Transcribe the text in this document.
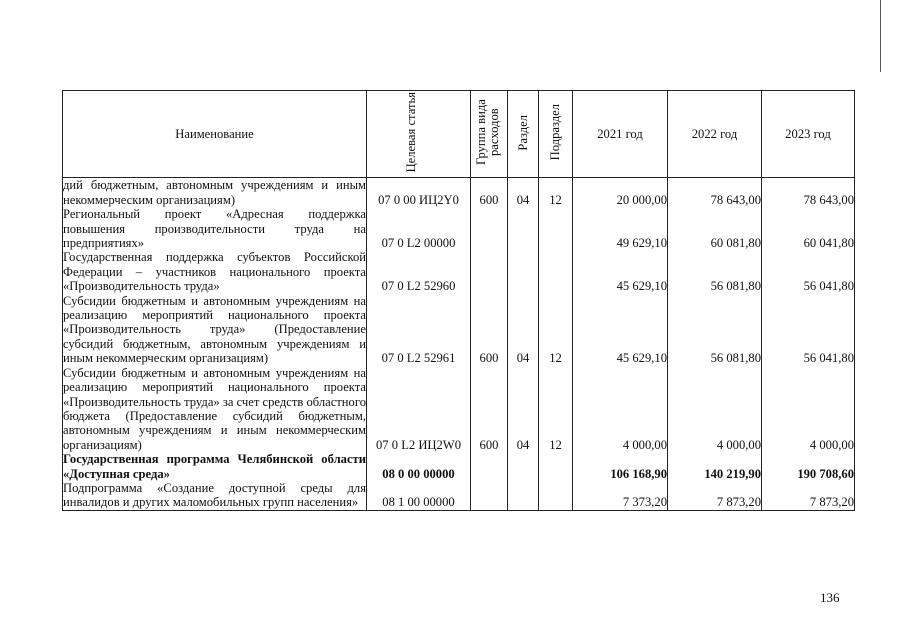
Наименование	Целевая статья	Группа вида расходов	Раздел	Подраздел	2021 год	2022 год	2023 год
дий бюджетным, автономным учреждениям и иным некоммерческим организациям)	07 0 00 ИЦ2Y0	600	04	12	20 000,00	78 643,00	78 643,00
Региональный проект «Адресная поддержка повышения производительности труда на предприятиях»	07 0 L2 00000				49 629,10	60 081,80	60 041,80
Государственная поддержка субъектов Российской Федерации – участников национального проекта «Производительность труда»	07 0 L2 52960				45 629,10	56 081,80	56 041,80
Субсидии бюджетным и автономным учреждениям на реализацию мероприятий национального проекта «Производительность труда» (Предоставление субсидий бюджетным, автономным учреждениям и иным некоммерческим организациям)	07 0 L2 52961	600	04	12	45 629,10	56 081,80	56 041,80
Субсидии бюджетным и автономным учреждениям на реализацию мероприятий национального проекта «Производительность труда» за счет средств областного бюджета (Предоставление субсидий бюджетным, автономным учреждениям и иным некоммерческим организациям)	07 0 L2 ИЦ2W0	600	04	12	4 000,00	4 000,00	4 000,00
Государственная программа Челябинской области «Доступная среда»	08 0 00 00000				106 168,90	140 219,90	190 708,60
Подпрограмма «Создание доступной среды для инвалидов и других маломобильных групп населения»	08 1 00 00000				7 373,20	7 873,20	7 873,20
136
